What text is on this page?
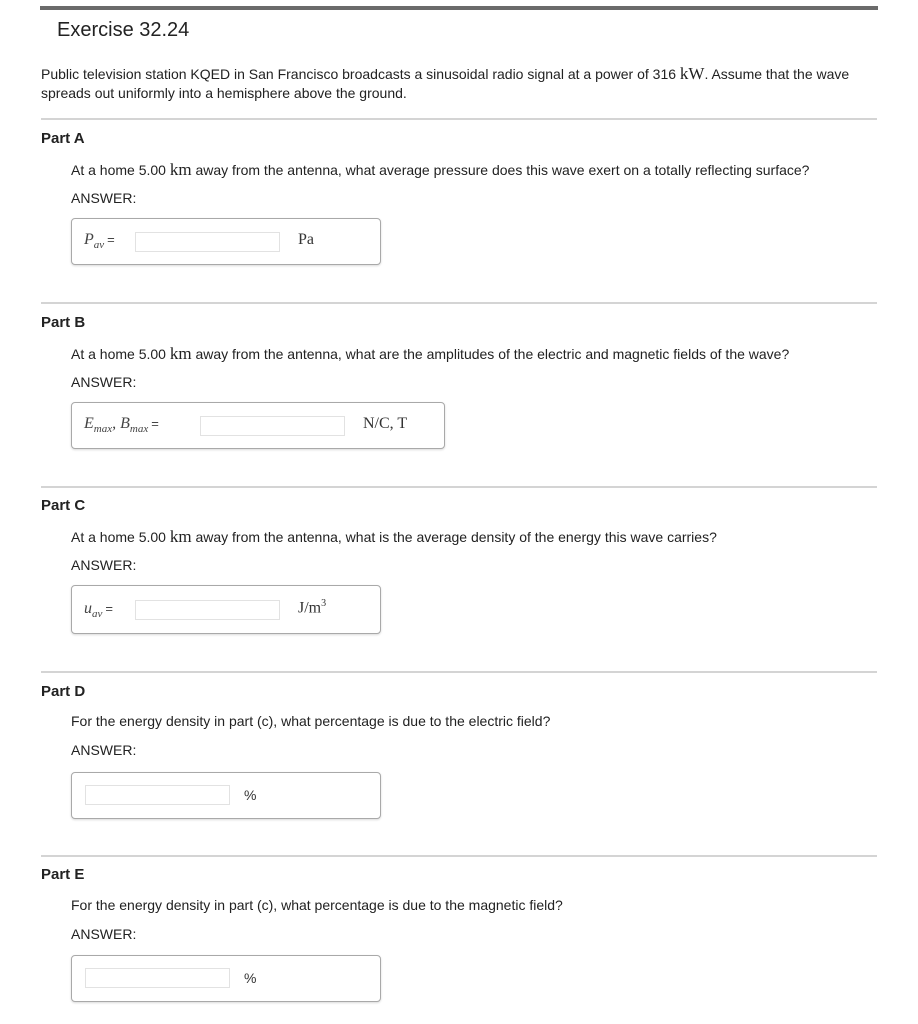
Exercise 32.24
Public television station KQED in San Francisco broadcasts a sinusoidal radio signal at a power of 316 kW. Assume that the wave spreads out uniformly into a hemisphere above the ground.
Part A
At a home 5.00 km away from the antenna, what average pressure does this wave exert on a totally reflecting surface?
ANSWER:
$P_{av}$ =	Pa
Part B
At a home 5.00 km away from the antenna, what are the amplitudes of the electric and magnetic fields of the wave?
ANSWER:
$E_{max}$, $B_{max}$ =	N/C, T
Part C
At a home 5.00 km away from the antenna, what is the average density of the energy this wave carries?
ANSWER:
$u_{av}$ =	$J/m^3$
Part D
For the energy density in part (c), what percentage is due to the electric field?
ANSWER:
%
Part E
For the energy density in part (c), what percentage is due to the magnetic field?
ANSWER:
%
